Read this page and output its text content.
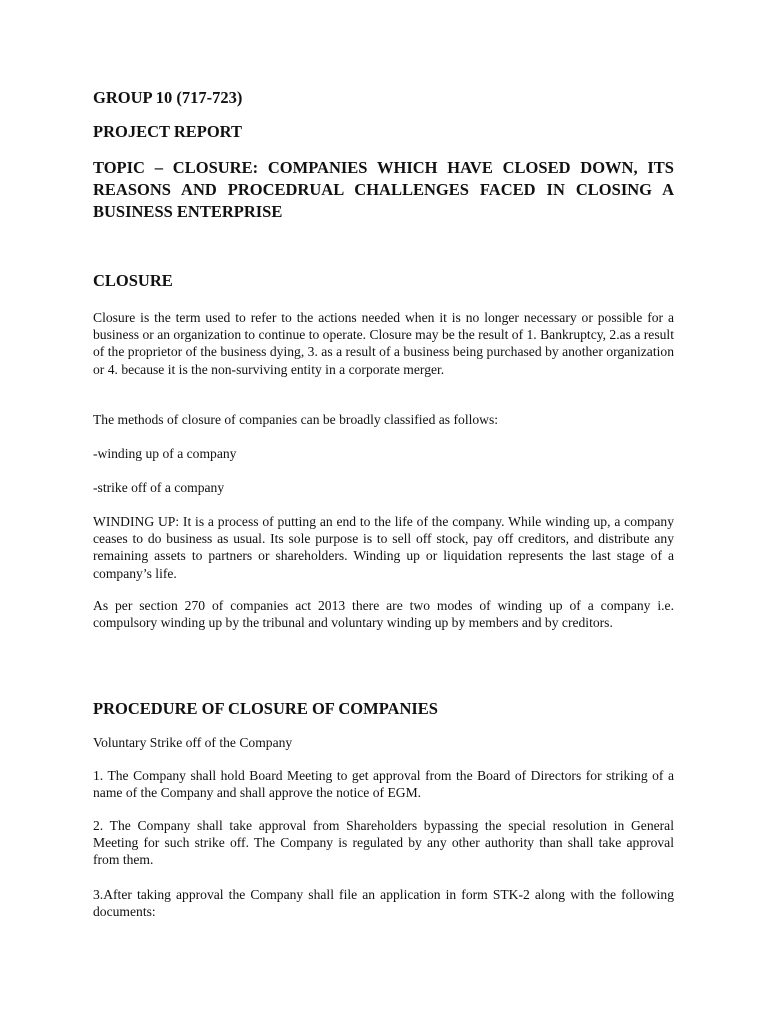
GROUP 10 (717-723)
PROJECT REPORT
TOPIC – CLOSURE: COMPANIES WHICH HAVE CLOSED DOWN, ITS REASONS AND PROCEDRUAL CHALLENGES FACED IN CLOSING A BUSINESS ENTERPRISE
CLOSURE

Closure is the term used to refer to the actions needed when it is no longer necessary or possible for a business or an organization to continue to operate. Closure may be the result of 1. Bankruptcy, 2.as a result of the proprietor of the business dying, 3. as a result of a business being purchased by another organization or 4. because it is the non-surviving entity in a corporate merger.

The methods of closure of companies can be broadly classified as follows:

-winding up of a company

-strike off of a company

WINDING UP: It is a process of putting an end to the life of the company. While winding up, a company ceases to do business as usual. Its sole purpose is to sell off stock, pay off creditors, and distribute any remaining assets to partners or shareholders. Winding up or liquidation represents the last stage of a company’s life.

As per section 270 of companies act 2013 there are two modes of winding up of a company i.e. compulsory winding up by the tribunal and voluntary winding up by members and by creditors.

PROCEDURE OF CLOSURE OF COMPANIES

Voluntary Strike off of the Company

1. The Company shall hold Board Meeting to get approval from the Board of Directors for striking of a name of the Company and shall approve the notice of EGM.

2. The Company shall take approval from Shareholders bypassing the special resolution in General Meeting for such strike off. The Company is regulated by any other authority than shall take approval from them.

3.After taking approval the Company shall file an application in form STK-2 along with the following documents:
